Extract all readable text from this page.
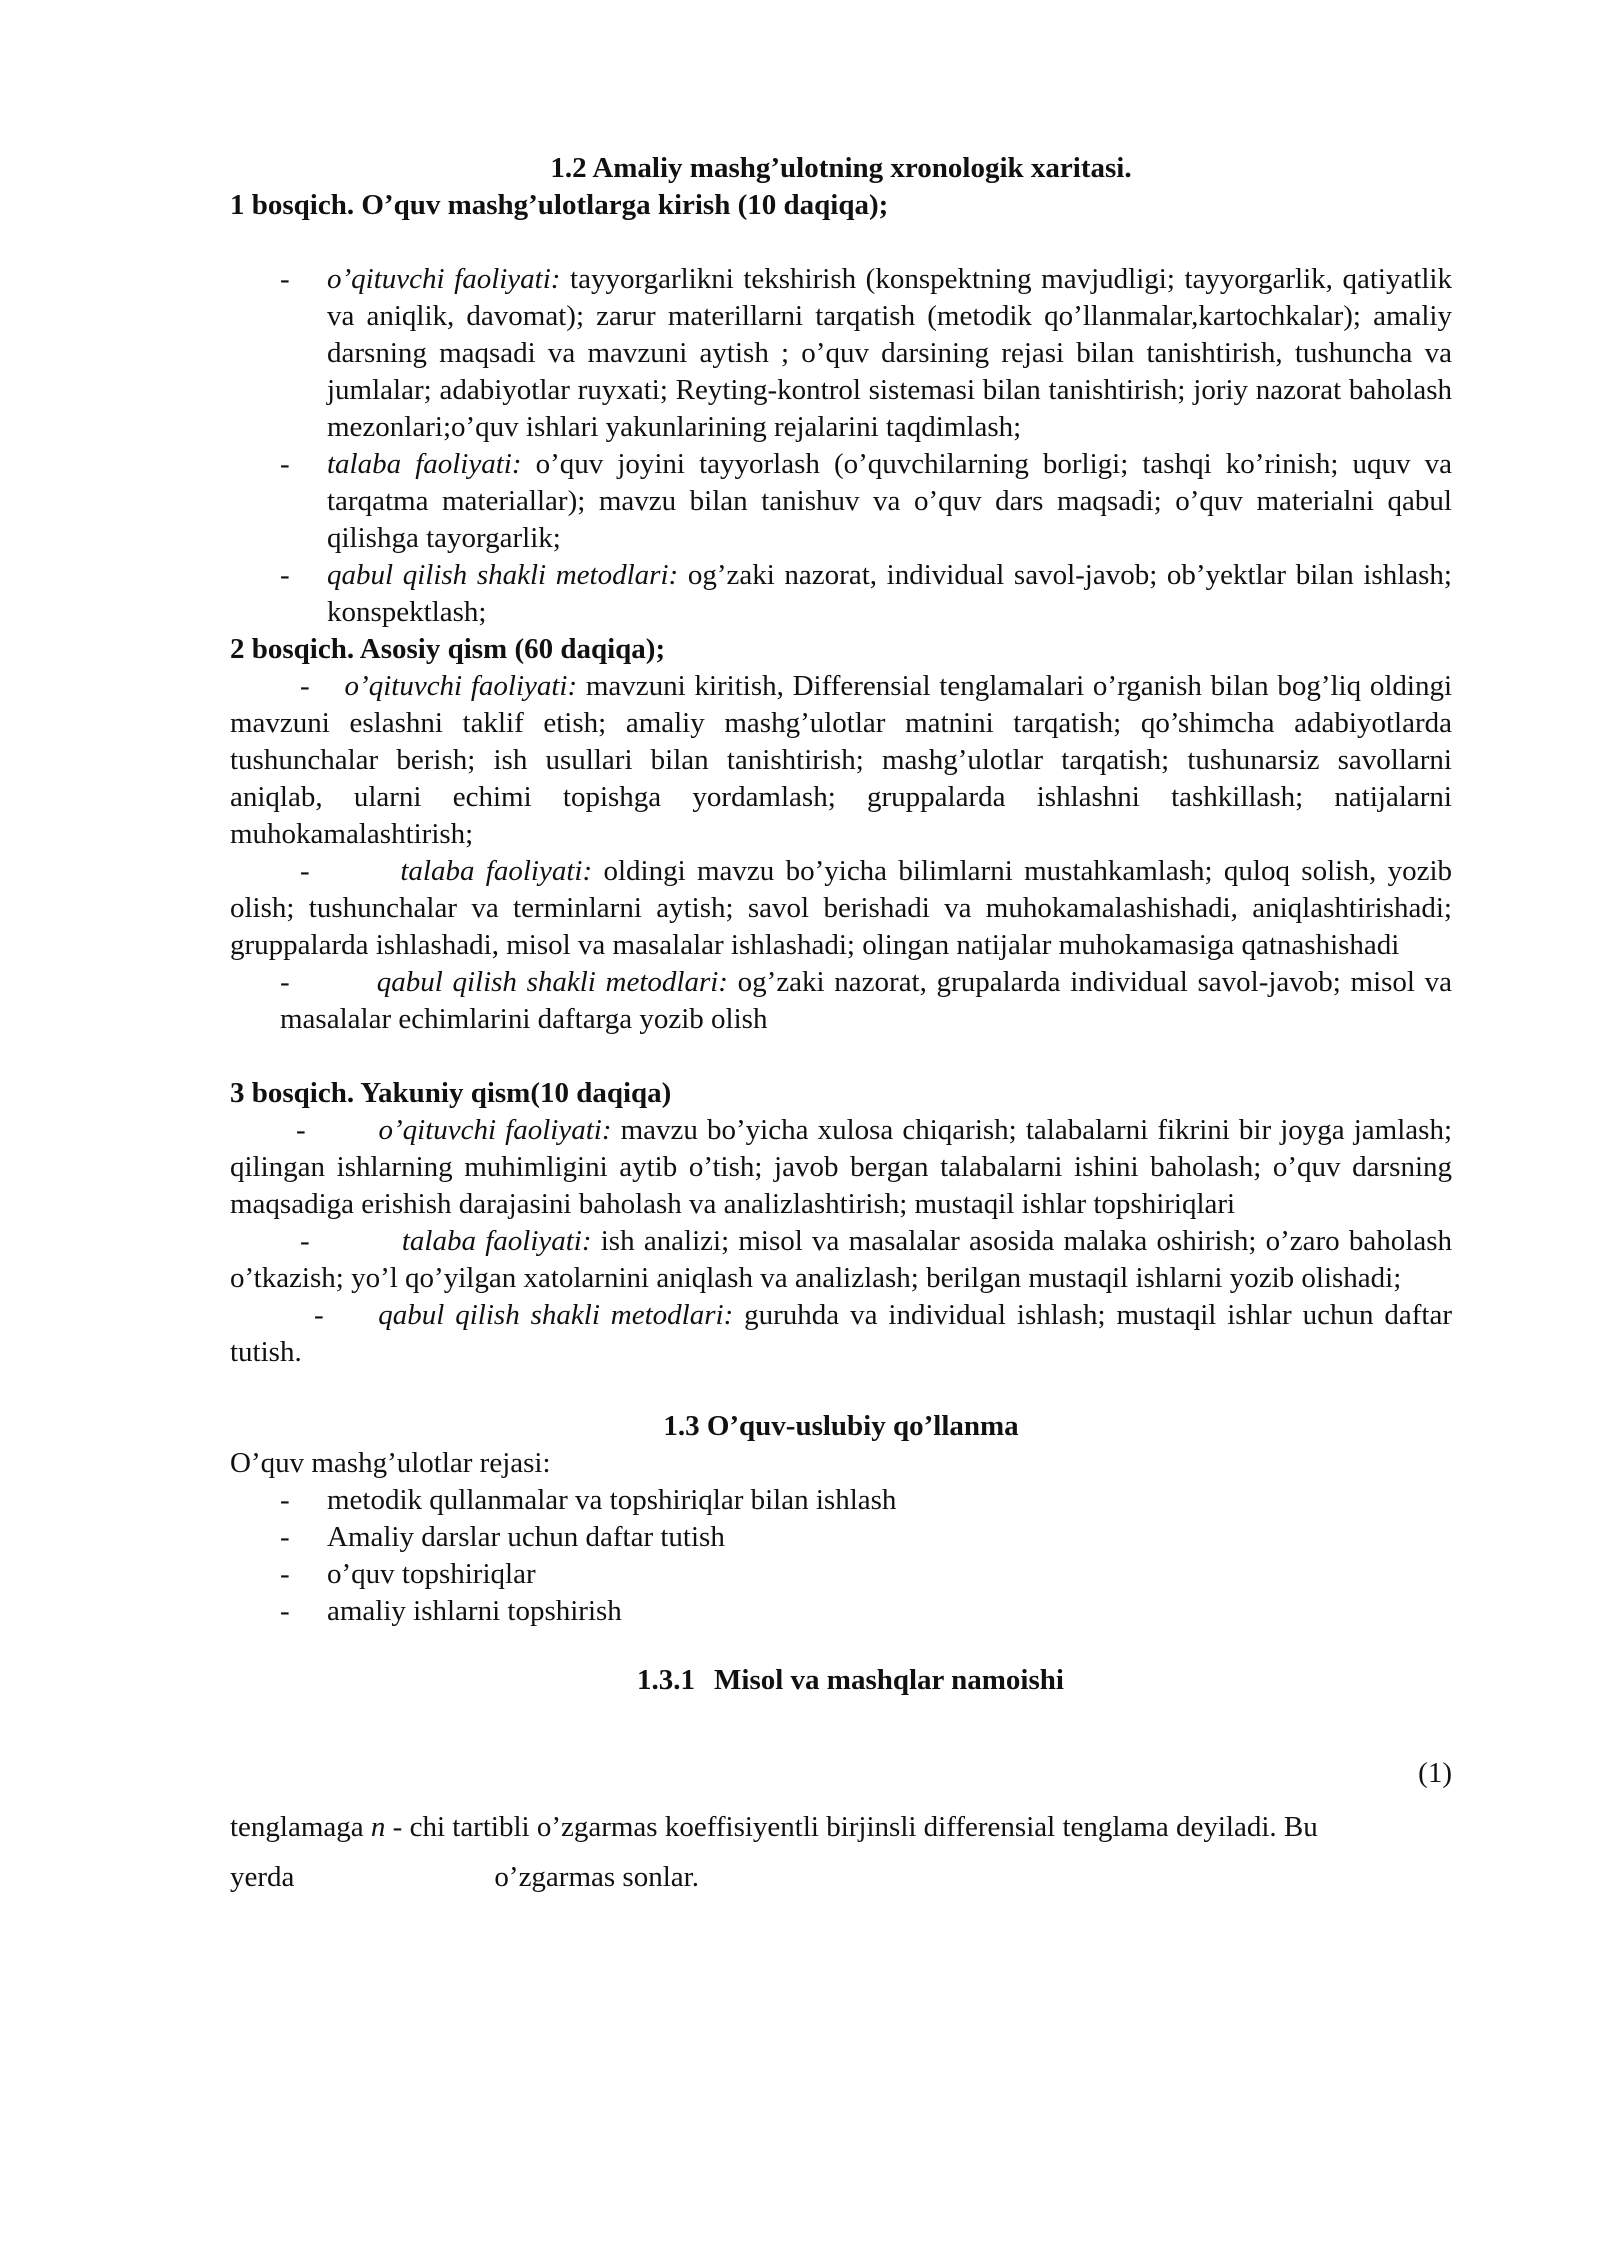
1.2 Amaliy mashg’ulotning xronologik xaritasi.

1 bosqich. O’quv mashg’ulotlarga kirish (10 daqiqa);

- o’qituvchi faoliyati: tayyorgarlikni tekshirish (konspektning mavjudligi; tayyorgarlik, qatiyatlik va aniqlik, davomat); zarur materillarni tarqatish (metodik qo’llanmalar,kartochkalar); amaliy darsning maqsadi va mavzuni aytish ; o’quv darsining rejasi bilan tanishtirish, tushuncha va jumlalar; adabiyotlar ruyxati; Reyting-kontrol sistemasi bilan tanishtirish; joriy nazorat baholash mezonlari;o’quv ishlari yakunlarining rejalarini taqdimlash;
- talaba faoliyati: o’quv joyini tayyorlash (o’quvchilarning borligi; tashqi ko’rinish; uquv va tarqatma materiallar); mavzu bilan tanishuv va o’quv dars maqsadi; o’quv materialni qabul qilishga tayorgarlik;
- qabul qilish shakli metodlari: og’zaki nazorat, individual savol-javob; ob’yektlar bilan ishlash; konspektlash;

2 bosqich. Asosiy qism (60 daqiqa);

- o’qituvchi faoliyati: mavzuni kiritish, Differensial tenglamalari o’rganish bilan bog’liq oldingi mavzuni eslashni taklif etish; amaliy mashg’ulotlar matnini tarqatish; qo’shimcha adabiyotlarda tushunchalar berish; ish usullari bilan tanishtirish; mashg’ulotlar tarqatish; tushunarsiz savollarni aniqlab, ularni echimi topishga yordamlash; gruppalarda ishlashni tashkillash; natijalarni muhokamalashtirish;

-	talaba faoliyati: oldingi mavzu bo’yicha bilimlarni mustahkamlash; quloq solish, yozib olish; tushunchalar va terminlarni aytish; savol berishadi va muhokamalashishadi, aniqlashtirishadi; gruppalarda ishlashadi, misol va masalalar ishlashadi; olingan natijalar muhokamasiga qatnashishadi

-	qabul qilish shakli metodlari: og’zaki nazorat, grupalarda individual savol-javob; misol va masalalar echimlarini daftarga yozib olish

3 bosqich. Yakuniy qism(10 daqiqa)

-	o’qituvchi faoliyati: mavzu bo’yicha xulosa chiqarish; talabalarni fikrini bir joyga jamlash; qilingan ishlarning muhimligini aytib o’tish; javob bergan talabalarni ishini baholash; o’quv darsning maqsadiga erishish darajasini baholash va analizlashtirish; mustaqil ishlar topshiriqlari

-	talaba faoliyati: ish analizi; misol va masalalar asosida malaka oshirish; o’zaro baholash o’tkazish; yo’l qo’yilgan xatolarnini aniqlash va analizlash; berilgan mustaqil ishlarni yozib olishadi;

- qabul qilish shakli metodlari: guruhda va individual ishlash; mustaqil ishlar uchun daftar tutish.

1.3 O’quv-uslubiy qo’llanma

O’quv mashg’ulotlar rejasi:

- metodik qullanmalar va topshiriqlar bilan ishlash
- Amaliy darslar uchun daftar tutish
- o’quv topshiriqlar
- amaliy ishlarni topshirish

1.3.1 Misol va mashqlar namoishi

(1)

tenglamaga n - chi tartibli o’zgarmas koeffisiyentli birjinsli differensial tenglama deyiladi. Bu

yerda	o’zgarmas sonlar.
